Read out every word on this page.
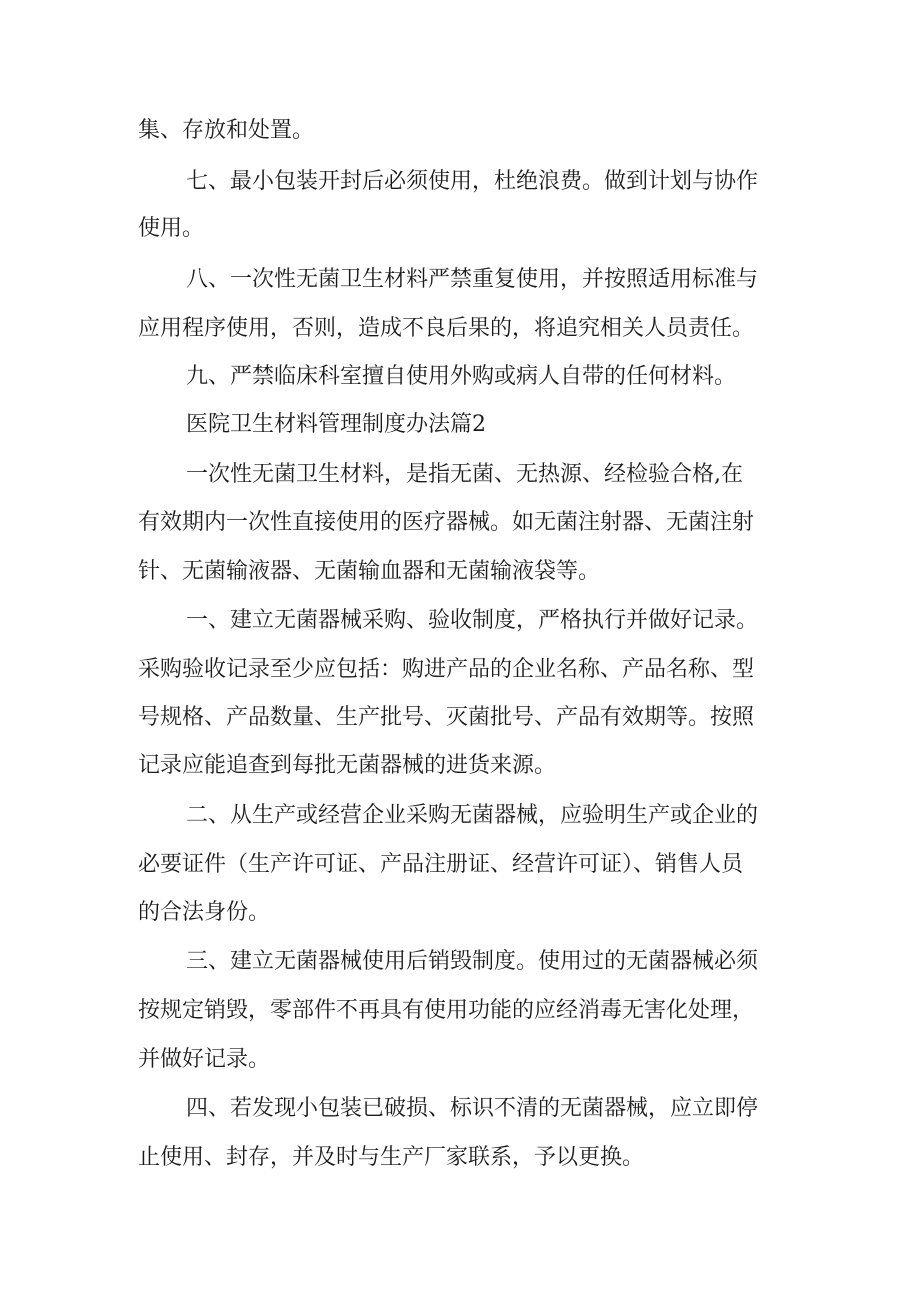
集、存放和处置。
七、最小包装开封后必须使用，杜绝浪费。做到计划与协作
使用。
八、一次性无菌卫生材料严禁重复使用，并按照适用标准与
应用程序使用，否则，造成不良后果的，将追究相关人员责任。
九、严禁临床科室擅自使用外购或病人自带的任何材料。
医院卫生材料管理制度办法篇2
一次性无菌卫生材料，是指无菌、无热源、经检验合格,在
有效期内一次性直接使用的医疗器械。如无菌注射器、无菌注射
针、无菌输液器、无菌输血器和无菌输液袋等。
一、建立无菌器械采购、验收制度，严格执行并做好记录。
采购验收记录至少应包括：购进产品的企业名称、产品名称、型
号规格、产品数量、生产批号、灭菌批号、产品有效期等。按照
记录应能追查到每批无菌器械的进货来源。
二、从生产或经营企业采购无菌器械，应验明生产或企业的
必要证件（生产许可证、产品注册证、经营许可证）、销售人员
的合法身份。
三、建立无菌器械使用后销毁制度。使用过的无菌器械必须
按规定销毁，零部件不再具有使用功能的应经消毒无害化处理，
并做好记录。
四、若发现小包装已破损、标识不清的无菌器械，应立即停
止使用、封存，并及时与生产厂家联系，予以更换。
